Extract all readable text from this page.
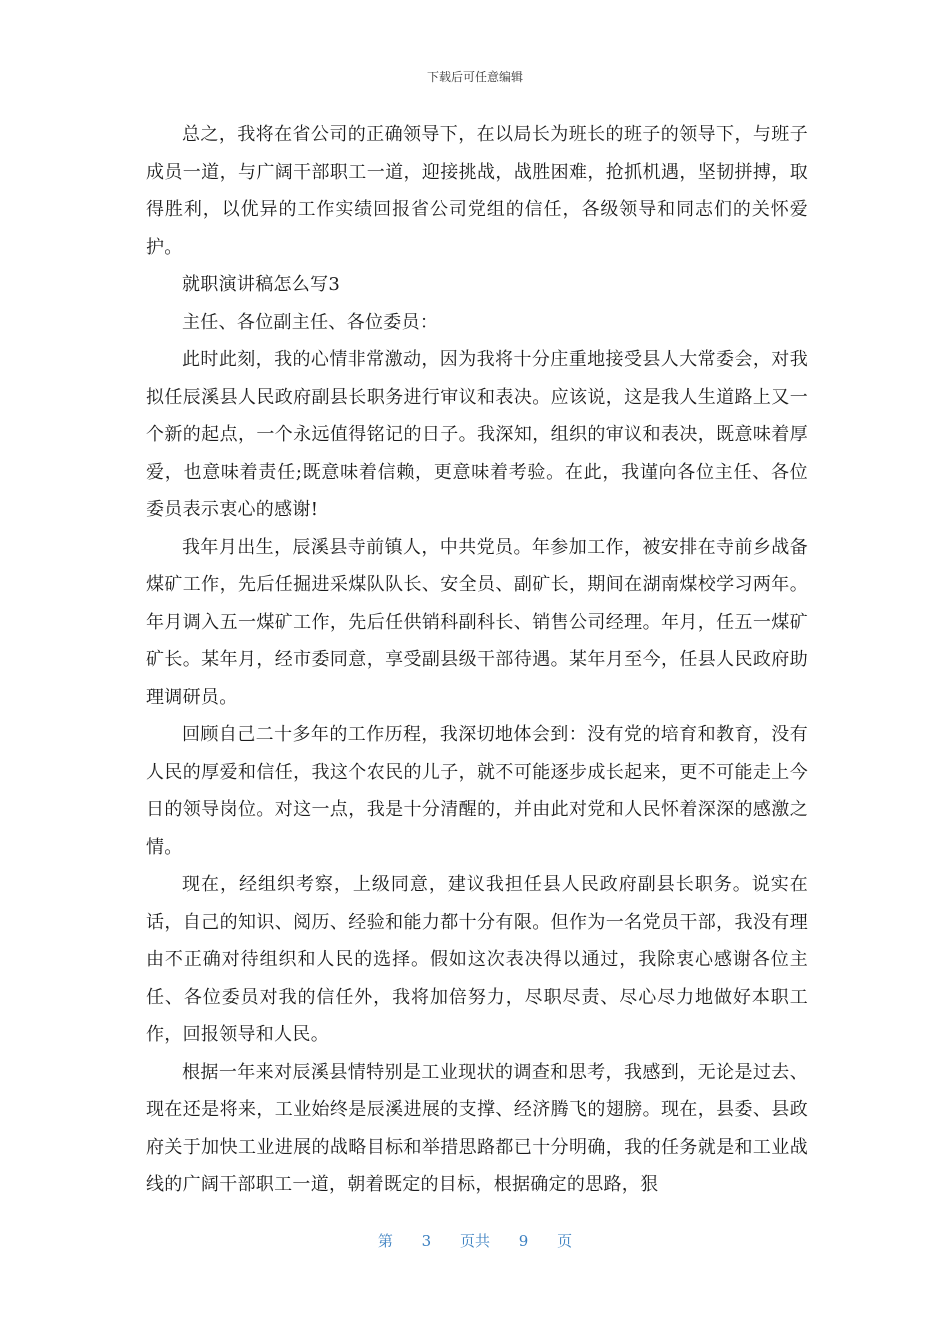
下载后可任意编辑

总之，我将在省公司的正确领导下，在以局长为班长的班子的领导下，与班子成员一道，与广阔干部职工一道，迎接挑战，战胜困难，抢抓机遇，坚韧拼搏，取得胜利，以优异的工作实绩回报省公司党组的信任，各级领导和同志们的关怀爱护。

就职演讲稿怎么写3

主任、各位副主任、各位委员：

此时此刻，我的心情非常激动，因为我将十分庄重地接受县人大常委会，对我拟任辰溪县人民政府副县长职务进行审议和表决。应该说，这是我人生道路上又一个新的起点，一个永远值得铭记的日子。我深知，组织的审议和表决，既意味着厚爱，也意味着责任;既意味着信赖，更意味着考验。在此，我谨向各位主任、各位委员表示衷心的感谢!

我年月出生，辰溪县寺前镇人，中共党员。年参加工作，被安排在寺前乡战备煤矿工作，先后任掘进采煤队队长、安全员、副矿长，期间在湖南煤校学习两年。年月调入五一煤矿工作，先后任供销科副科长、销售公司经理。年月，任五一煤矿矿长。某年月，经市委同意，享受副县级干部待遇。某年月至今，任县人民政府助理调研员。

回顾自己二十多年的工作历程，我深切地体会到：没有党的培育和教育，没有人民的厚爱和信任，我这个农民的儿子，就不可能逐步成长起来，更不可能走上今日的领导岗位。对这一点，我是十分清醒的，并由此对党和人民怀着深深的感激之情。

现在，经组织考察，上级同意，建议我担任县人民政府副县长职务。说实在话，自己的知识、阅历、经验和能力都十分有限。但作为一名党员干部，我没有理由不正确对待组织和人民的选择。假如这次表决得以通过，我除衷心感谢各位主任、各位委员对我的信任外，我将加倍努力，尽职尽责、尽心尽力地做好本职工作，回报领导和人民。

根据一年来对辰溪县情特别是工业现状的调查和思考，我感到，无论是过去、现在还是将来，工业始终是辰溪进展的支撑、经济腾飞的翅膀。现在，县委、县政府关于加快工业进展的战略目标和举措思路都已十分明确，我的任务就是和工业战线的广阔干部职工一道，朝着既定的目标，根据确定的思路，狠

第 3 页共 9 页
